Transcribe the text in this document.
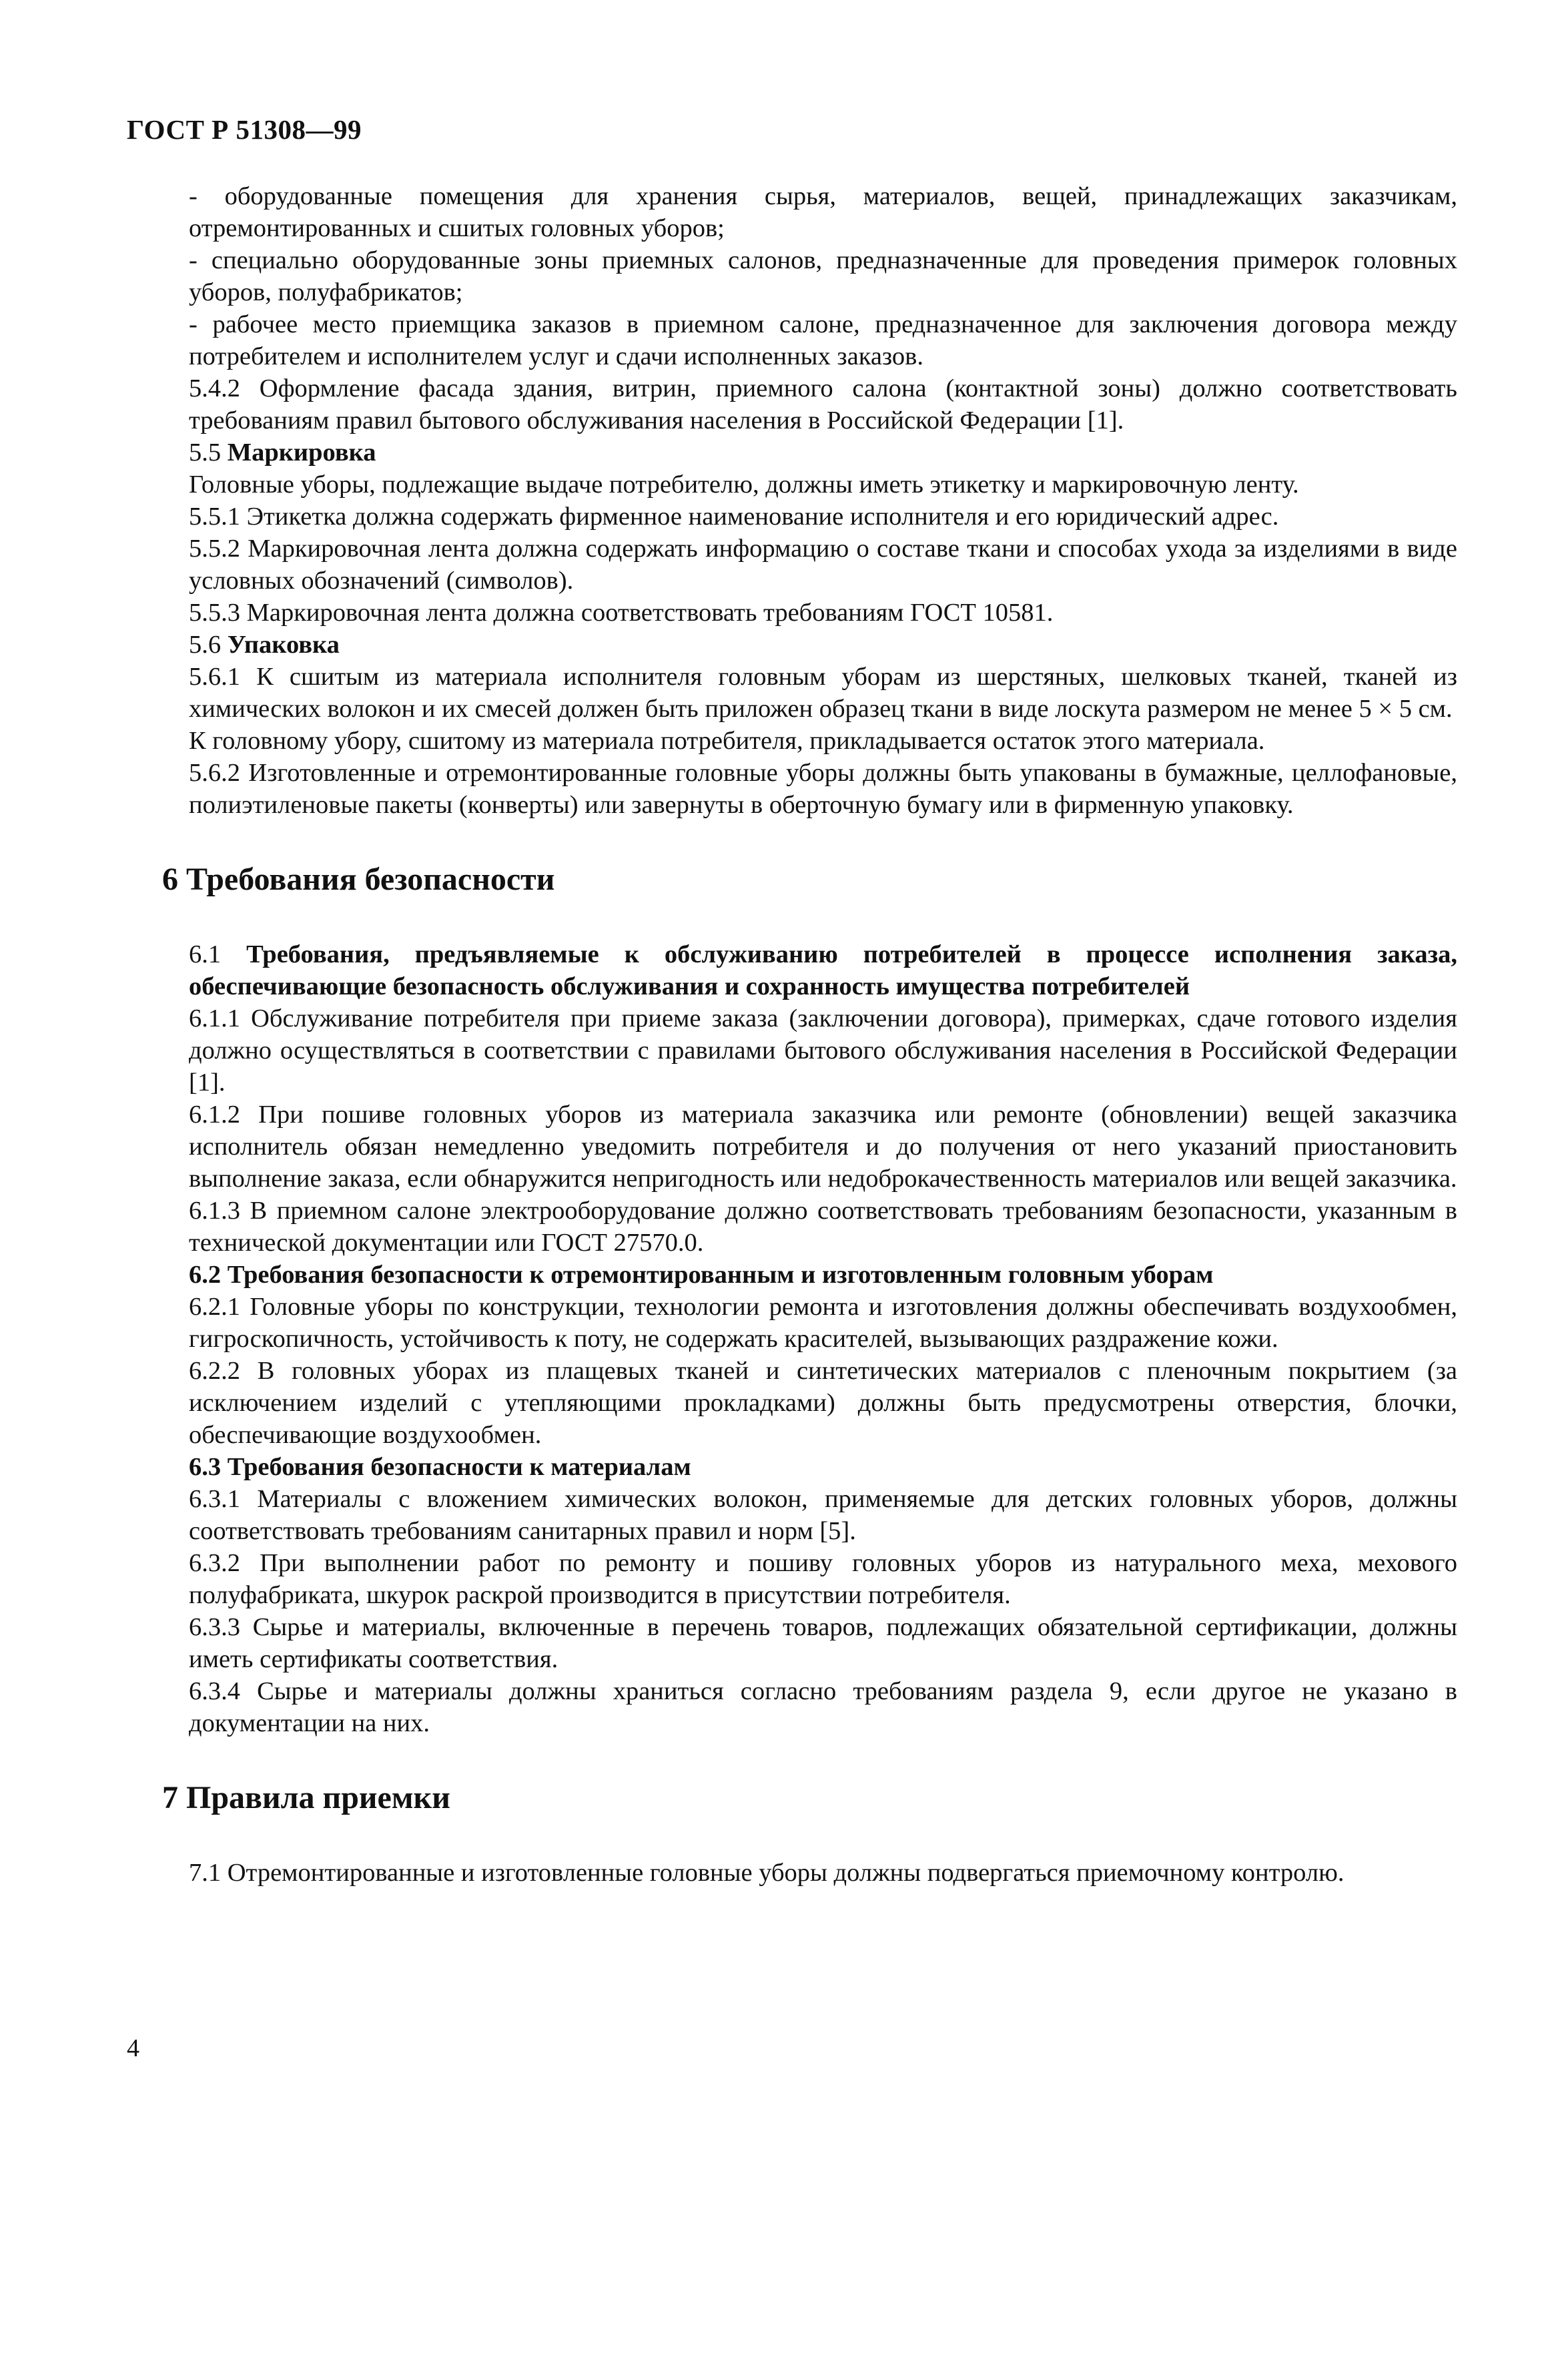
ГОСТ Р 51308—99

- оборудованные помещения для хранения сырья, материалов, вещей, принадлежащих заказчикам, отремонтированных и сшитых головных уборов;

- специально оборудованные зоны приемных салонов, предназначенные для проведения примерок головных уборов, полуфабрикатов;

- рабочее место приемщика заказов в приемном салоне, предназначенное для заключения договора между потребителем и исполнителем услуг и сдачи исполненных заказов.

5.4.2 Оформление фасада здания, витрин, приемного салона (контактной зоны) должно соответствовать требованиям правил бытового обслуживания населения в Российской Федерации [1].

5.5 Маркировка

Головные уборы, подлежащие выдаче потребителю, должны иметь этикетку и маркировочную ленту.

5.5.1 Этикетка должна содержать фирменное наименование исполнителя и его юридический адрес.

5.5.2 Маркировочная лента должна содержать информацию о составе ткани и способах ухода за изделиями в виде условных обозначений (символов).

5.5.3 Маркировочная лента должна соответствовать требованиям ГОСТ 10581.

5.6 Упаковка

5.6.1 К сшитым из материала исполнителя головным уборам из шерстяных, шелковых тканей, тканей из химических волокон и их смесей должен быть приложен образец ткани в виде лоскута размером не менее 5 × 5 см.

К головному убору, сшитому из материала потребителя, прикладывается остаток этого материала.

5.6.2 Изготовленные и отремонтированные головные уборы должны быть упакованы в бумажные, целлофановые, полиэтиленовые пакеты (конверты) или завернуты в оберточную бумагу или в фирменную упаковку.

6 Требования безопасности

6.1 Требования, предъявляемые к обслуживанию потребителей в процессе исполнения заказа, обеспечивающие безопасность обслуживания и сохранность имущества потребителей

6.1.1 Обслуживание потребителя при приеме заказа (заключении договора), примерках, сдаче готового изделия должно осуществляться в соответствии с правилами бытового обслуживания населения в Российской Федерации [1].

6.1.2 При пошиве головных уборов из материала заказчика или ремонте (обновлении) вещей заказчика исполнитель обязан немедленно уведомить потребителя и до получения от него указаний приостановить выполнение заказа, если обнаружится непригодность или недоброкачественность материалов или вещей заказчика.

6.1.3 В приемном салоне электрооборудование должно соответствовать требованиям безопасности, указанным в технической документации или ГОСТ 27570.0.

6.2 Требования безопасности к отремонтированным и изготовленным головным уборам

6.2.1 Головные уборы по конструкции, технологии ремонта и изготовления должны обеспечивать воздухообмен, гигроскопичность, устойчивость к поту, не содержать красителей, вызывающих раздражение кожи.

6.2.2 В головных уборах из плащевых тканей и синтетических материалов с пленочным покрытием (за исключением изделий с утепляющими прокладками) должны быть предусмотрены отверстия, блочки, обеспечивающие воздухообмен.

6.3 Требования безопасности к материалам

6.3.1 Материалы с вложением химических волокон, применяемые для детских головных уборов, должны соответствовать требованиям санитарных правил и норм [5].

6.3.2 При выполнении работ по ремонту и пошиву головных уборов из натурального меха, мехового полуфабриката, шкурок раскрой производится в присутствии потребителя.

6.3.3 Сырье и материалы, включенные в перечень товаров, подлежащих обязательной сертификации, должны иметь сертификаты соответствия.

6.3.4 Сырье и материалы должны храниться согласно требованиям раздела 9, если другое не указано в документации на них.

7 Правила приемки

7.1 Отремонтированные и изготовленные головные уборы должны подвергаться приемочному контролю.

4
